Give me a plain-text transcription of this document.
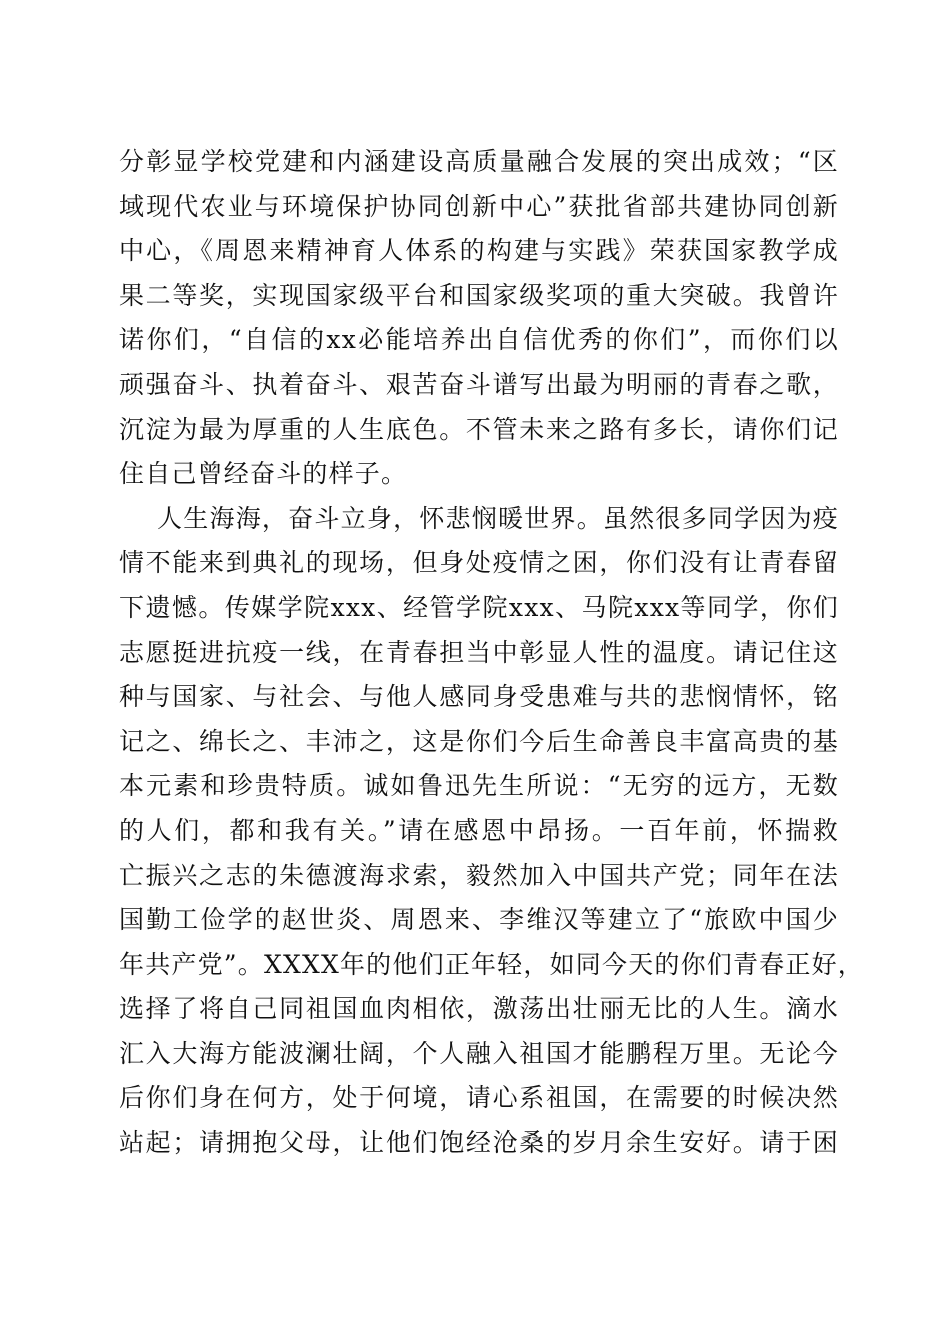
分彰显学校党建和内涵建设高质量融合发展的突出成效；“区
域现代农业与环境保护协同创新中心”获批省部共建协同创新
中心，《周恩来精神育人体系的构建与实践》荣获国家教学成
果二等奖，实现国家级平台和国家级奖项的重大突破。我曾许
诺你们，“自信的xx必能培养出自信优秀的你们”，而你们以
顽强奋斗、执着奋斗、艰苦奋斗谱写出最为明丽的青春之歌，
沉淀为最为厚重的人生底色。不管未来之路有多长，请你们记
住自己曾经奋斗的样子。
人生海海，奋斗立身，怀悲悯暖世界。虽然很多同学因为疫
情不能来到典礼的现场，但身处疫情之困，你们没有让青春留
下遗憾。传媒学院xxx、经管学院xxx、马院xxx等同学，你们
志愿挺进抗疫一线，在青春担当中彰显人性的温度。请记住这
种与国家、与社会、与他人感同身受患难与共的悲悯情怀，铭
记之、绵长之、丰沛之，这是你们今后生命善良丰富高贵的基
本元素和珍贵特质。诚如鲁迅先生所说：“无穷的远方，无数
的人们，都和我有关。”请在感恩中昂扬。一百年前，怀揣救
亡振兴之志的朱德渡海求索，毅然加入中国共产党；同年在法
国勤工俭学的赵世炎、周恩来、李维汉等建立了“旅欧中国少
年共产党”。XXXX年的他们正年轻，如同今天的你们青春正好，
选择了将自己同祖国血肉相依，激荡出壮丽无比的人生。滴水
汇入大海方能波澜壮阔，个人融入祖国才能鹏程万里。无论今
后你们身在何方，处于何境，请心系祖国，在需要的时候决然
站起；请拥抱父母，让他们饱经沧桑的岁月余生安好。请于困
